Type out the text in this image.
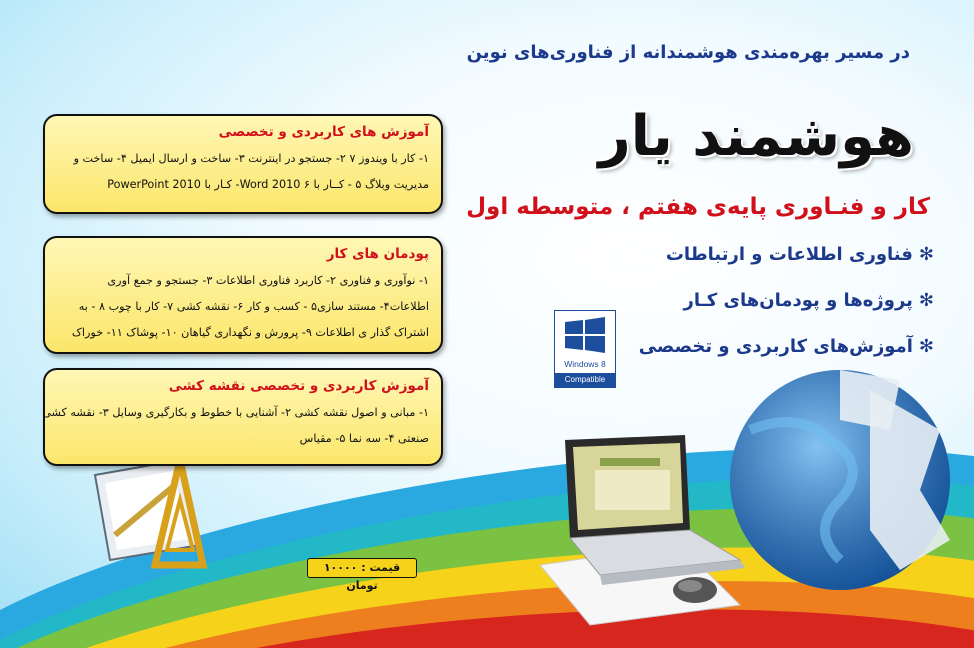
در مسیر بهره‌مندی هوشمندانه از فناوری‌های نوین
هوشمند یار
کار و فنـاوری پایه‌ی هفتم ، متوسطه اول
✻فناوری اطلاعات و ارتباطات
✻پروژه‌ها و پودمان‌های کـار
✻آموزش‌های کاربردی و تخصصی
آموزش های کاربردی و تخصصی

۱- کار با ویندوز ۷ ۲- جستجو در اینترنت ۳- ساخت و ارسال ایمیل ۴- ساخت و

مدیریت وبلاگ ۵ - کــار با Word 2010 ۶- کـار با PowerPoint 2010

پودمان های کار

۱- نوآوری و فناوری ۲- کاربرد فناوری اطلاعات ۳- جستجو و جمع آوری

اطلاعات۴- مستند سازی۵ - کسب و کار ۶- نقشه کشی ۷- کار با چوب ۸ - به

اشتراک گذار ی اطلاعات ۹- پرورش و نگهداری گیاهان ۱۰- پوشاک ۱۱- خوراک

آموزش کاربردی و تخصصی نقشه کشی

۱- مبانی و اصول نقشه کشی ۲- آشنایی با خطوط و بکارگیری وسایل ۳- نقشه کشی

صنعتی ۴- سه نما ۵- مقیاس

Windows 8
Compatible
قیمت : ۱۰۰۰۰ تومان
